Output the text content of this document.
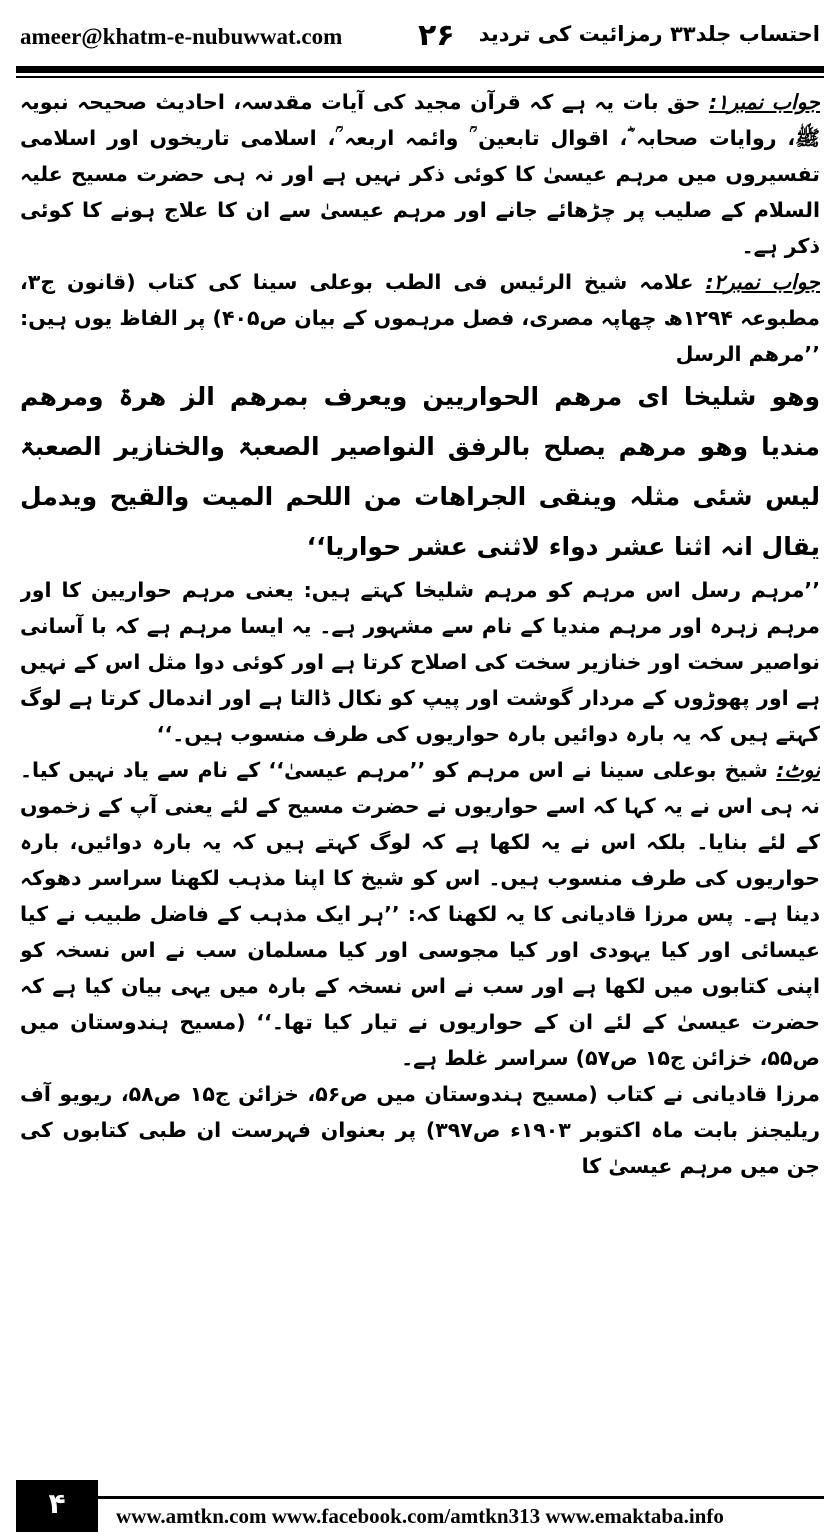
ameer@khatm-e-nubuwwat.com	۲۶ احتساب جلد۳۳ رمزائیت کی تردید

جواب نمبر۱: حق بات یہ ہے کہ قرآن مجید کی آیات مقدسہ، احادیث صحیحہ نبویہ ﷺ، روایات صحابہ ؓ، اقوال تابعین ؒ وائمہ اربعہ ؒ، اسلامی تاریخوں اور اسلامی تفسیروں میں مرہم عیسیٰ کا کوئی ذکر نہیں ہے اور نہ ہی حضرت مسیح علیہ السلام کے صلیب پر چڑھائے جانے اور مرہم عیسیٰ سے ان کا علاج ہونے کا کوئی ذکر ہے۔

جواب نمبر۲: علامہ شیخ الرئیس فی الطب بوعلی سینا کی کتاب (قانون ج۳، مطبوعہ ۱۲۹۴ھ چھاپہ مصری، فصل مرہموں کے بیان ص۴۰۵) پر الفاظ یوں ہیں: ’’مرھم الرسل

وھو شلیخا ای مرھم الحواریین ویعرف بمرھم الز ھرۃ ومرھم مندیا وھو مرھم یصلح بالرفق النواصیر الصعبۃ والخنازیر الصعبۃ لیس شئی مثلہ وینقی الجراھات من اللحم المیت والقیح ویدمل یقال انہ اثنا عشر دواء لاثنی عشر حواریا‘‘

’’مرہم رسل اس مرہم کو مرہم شلیخا کہتے ہیں: یعنی مرہم حواریین کا اور مرہم زہرہ اور مرہم مندیا کے نام سے مشہور ہے۔ یہ ایسا مرہم ہے کہ با آسانی نواصیر سخت اور خنازیر سخت کی اصلاح کرتا ہے اور کوئی دوا مثل اس کے نہیں ہے اور پھوڑوں کے مردار گوشت اور پیپ کو نکال ڈالتا ہے اور اندمال کرتا ہے لوگ کہتے ہیں کہ یہ بارہ دوائیں بارہ حواریوں کی طرف منسوب ہیں۔‘‘

نوٹ: شیخ بوعلی سینا نے اس مرہم کو ’’مرہم عیسیٰ‘‘ کے نام سے یاد نہیں کیا۔ نہ ہی اس نے یہ کہا کہ اسے حواریوں نے حضرت مسیح کے لئے یعنی آپ کے زخموں کے لئے بنایا۔ بلکہ اس نے یہ لکھا ہے کہ لوگ کہتے ہیں کہ یہ بارہ دوائیں، بارہ حواریوں کی طرف منسوب ہیں۔ اس کو شیخ کا اپنا مذہب لکھنا سراسر دھوکہ دینا ہے۔ پس مرزا قادیانی کا یہ لکھنا کہ: ’’ہر ایک مذہب کے فاضل طبیب نے کیا عیسائی اور کیا یہودی اور کیا مجوسی اور کیا مسلمان سب نے اس نسخہ کو اپنی کتابوں میں لکھا ہے اور سب نے اس نسخہ کے بارہ میں یہی بیان کیا ہے کہ حضرت عیسیٰ کے لئے ان کے حواریوں نے تیار کیا تھا۔‘‘ (مسیح ہندوستان میں ص۵۵، خزائن ج۱۵ ص۵۷) سراسر غلط ہے۔

مرزا قادیانی نے کتاب (مسیح ہندوستان میں ص۵۶، خزائن ج۱۵ ص۵۸، ریویو آف ریلیجنز بابت ماہ اکتوبر ۱۹۰۳ء ص۳۹۷) پر بعنوان فہرست ان طبی کتابوں کی جن میں مرہم عیسیٰ کا

۴	www.amtkn.com www.facebook.com/amtkn313 www.emaktaba.info
